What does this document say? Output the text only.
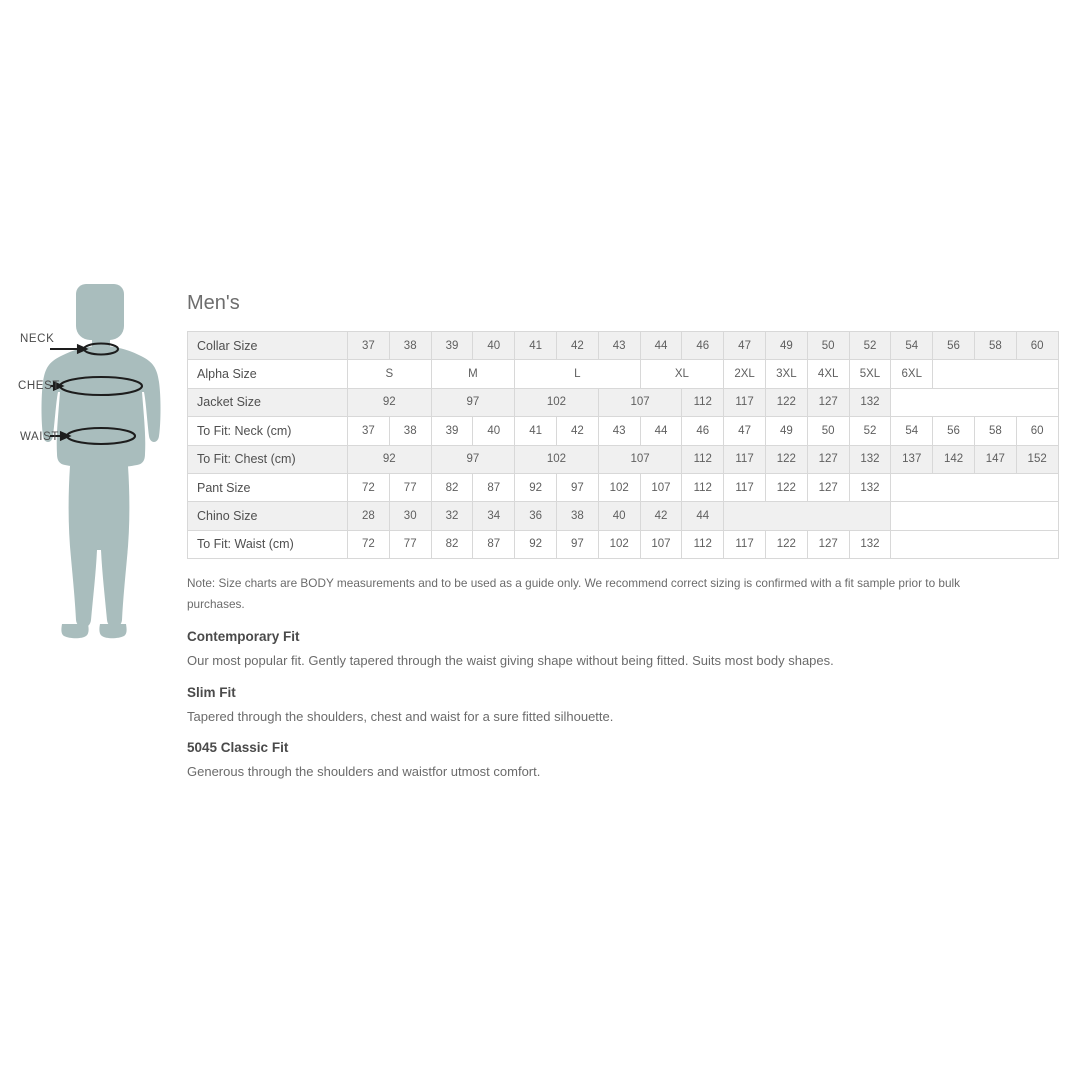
NECK
CHEST
WAIST
Men's
Collar Size	37	38	39	40	41	42	43	44	46	47	49	50	52	54	56	58	60
Alpha Size	S		M		L			XL		2XL	3XL	4XL	5XL	6XL			
Jacket Size	92		97		102		107		112	117	122	127	132				
To Fit: Neck (cm)	37	38	39	40	41	42	43	44	46	47	49	50	52	54	56	58	60
To Fit: Chest (cm)	92		97		102		107		112	117	122	127	132	137	142	147	152
Pant Size	72	77	82	87	92	97	102	107	112	117	122	127	132				
Chino Size	28	30	32	34	36	38	40	42	44								
To Fit: Waist (cm)	72	77	82	87	92	97	102	107	112	117	122	127	132				

Note: Size charts are BODY measurements and to be used as a guide only. We recommend correct sizing is confirmed with a fit sample prior to bulk purchases.

Contemporary Fit

Our most popular fit. Gently tapered through the waist giving shape without being fitted. Suits most body shapes.

Slim Fit

Tapered through the shoulders, chest and waist for a sure fitted silhouette.

5045 Classic Fit

Generous through the shoulders and waistfor utmost comfort.
